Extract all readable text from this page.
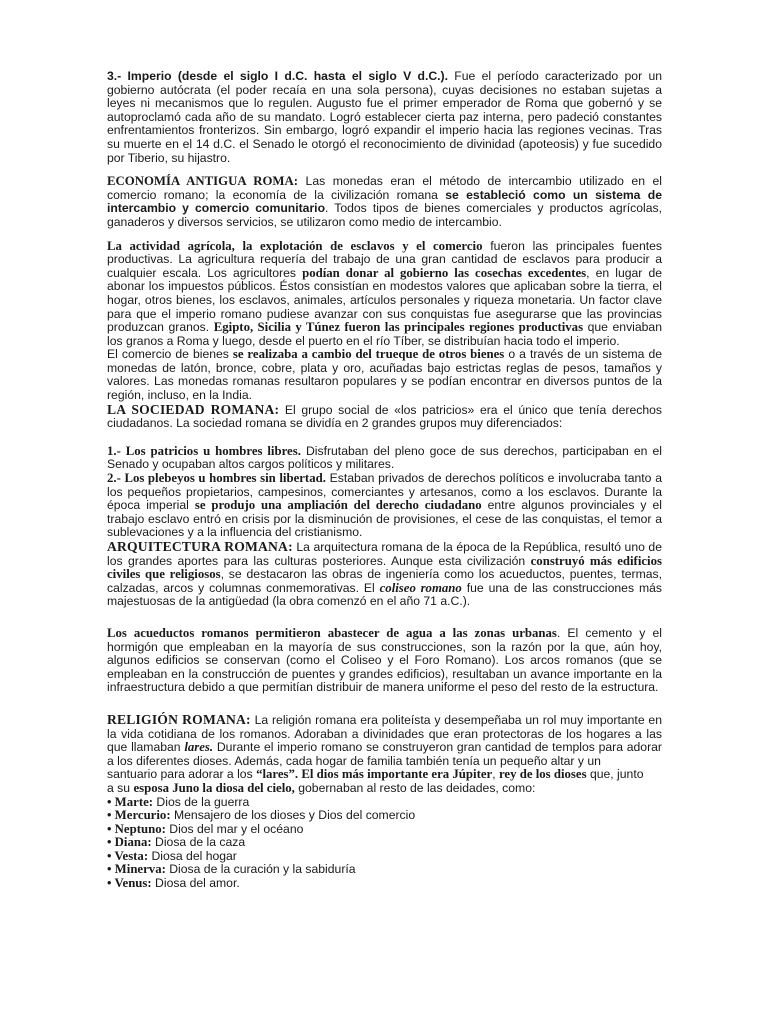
3.- Imperio (desde el siglo I d.C. hasta el siglo V d.C.). Fue el período caracterizado por un gobierno autócrata (el poder recaía en una sola persona), cuyas decisiones no estaban sujetas a leyes ni mecanismos que lo regulen. Augusto fue el primer emperador de Roma que gobernó y se autoproclamó cada año de su mandato. Logró establecer cierta paz interna, pero padeció constantes enfrentamientos fronterizos. Sin embargo, logró expandir el imperio hacia las regiones vecinas. Tras su muerte en el 14 d.C. el Senado le otorgó el reconocimiento de divinidad (apoteosis) y fue sucedido por Tiberio, su hijastro.

ECONOMÍA ANTIGUA ROMA: Las monedas eran el método de intercambio utilizado en el comercio romano; la economía de la civilización romana se estableció como un sistema de intercambio y comercio comunitario. Todos tipos de bienes comerciales y productos agrícolas, ganaderos y diversos servicios, se utilizaron como medio de intercambio.

La actividad agrícola, la explotación de esclavos y el comercio fueron las principales fuentes productivas. La agricultura requería del trabajo de una gran cantidad de esclavos para producir a cualquier escala. Los agricultores podían donar al gobierno las cosechas excedentes, en lugar de abonar los impuestos públicos. Éstos consistían en modestos valores que aplicaban sobre la tierra, el hogar, otros bienes, los esclavos, animales, artículos personales y riqueza monetaria. Un factor clave para que el imperio romano pudiese avanzar con sus conquistas fue asegurarse que las provincias produzcan granos. Egipto, Sicilia y Túnez fueron las principales regiones productivas que enviaban los granos a Roma y luego, desde el puerto en el río Tíber, se distribuían hacia todo el imperio.

El comercio de bienes se realizaba a cambio del trueque de otros bienes o a través de un sistema de monedas de latón, bronce, cobre, plata y oro, acuñadas bajo estrictas reglas de pesos, tamaños y valores. Las monedas romanas resultaron populares y se podían encontrar en diversos puntos de la región, incluso, en la India.

LA SOCIEDAD ROMANA: El grupo social de «los patricios» era el único que tenía derechos ciudadanos. La sociedad romana se dividía en 2 grandes grupos muy diferenciados:

1.- Los patricios u hombres libres. Disfrutaban del pleno goce de sus derechos, participaban en el Senado y ocupaban altos cargos políticos y militares.

2.- Los plebeyos u hombres sin libertad. Estaban privados de derechos políticos e involucraba tanto a los pequeños propietarios, campesinos, comerciantes y artesanos, como a los esclavos. Durante la época imperial se produjo una ampliación del derecho ciudadano entre algunos provinciales y el trabajo esclavo entró en crisis por la disminución de provisiones, el cese de las conquistas, el temor a sublevaciones y a la influencia del cristianismo.

ARQUITECTURA ROMANA: La arquitectura romana de la época de la República, resultó uno de los grandes aportes para las culturas posteriores. Aunque esta civilización construyó más edificios civiles que religiosos, se destacaron las obras de ingeniería como los acueductos, puentes, termas, calzadas, arcos y columnas conmemorativas. El coliseo romano fue una de las construcciones más majestuosas de la antigüedad (la obra comenzó en el año 71 a.C.).

Los acueductos romanos permitieron abastecer de agua a las zonas urbanas. El cemento y el hormigón que empleaban en la mayoría de sus construcciones, son la razón por la que, aún hoy, algunos edificios se conservan (como el Coliseo y el Foro Romano). Los arcos romanos (que se empleaban en la construcción de puentes y grandes edificios), resultaban un avance importante en la infraestructura debido a que permitían distribuir de manera uniforme el peso del resto de la estructura.

RELIGIÓN ROMANA: La religión romana era politeísta y desempeñaba un rol muy importante en la vida cotidiana de los romanos. Adoraban a divinidades que eran protectoras de los hogares a las que llamaban lares. Durante el imperio romano se construyeron gran cantidad de templos para adorar a los diferentes dioses. Además, cada hogar de familia también tenía un pequeño altar y un

santuario para adorar a los “lares”. El dios más importante era Júpiter, rey de los dioses que, junto

a su esposa Juno la diosa del cielo, gobernaban al resto de las deidades, como:

• Marte: Dios de la guerra
• Mercurio: Mensajero de los dioses y Dios del comercio
• Neptuno: Dios del mar y el océano
• Diana: Diosa de la caza
• Vesta: Diosa del hogar
• Minerva: Diosa de la curación y la sabiduría
• Venus: Diosa del amor.
